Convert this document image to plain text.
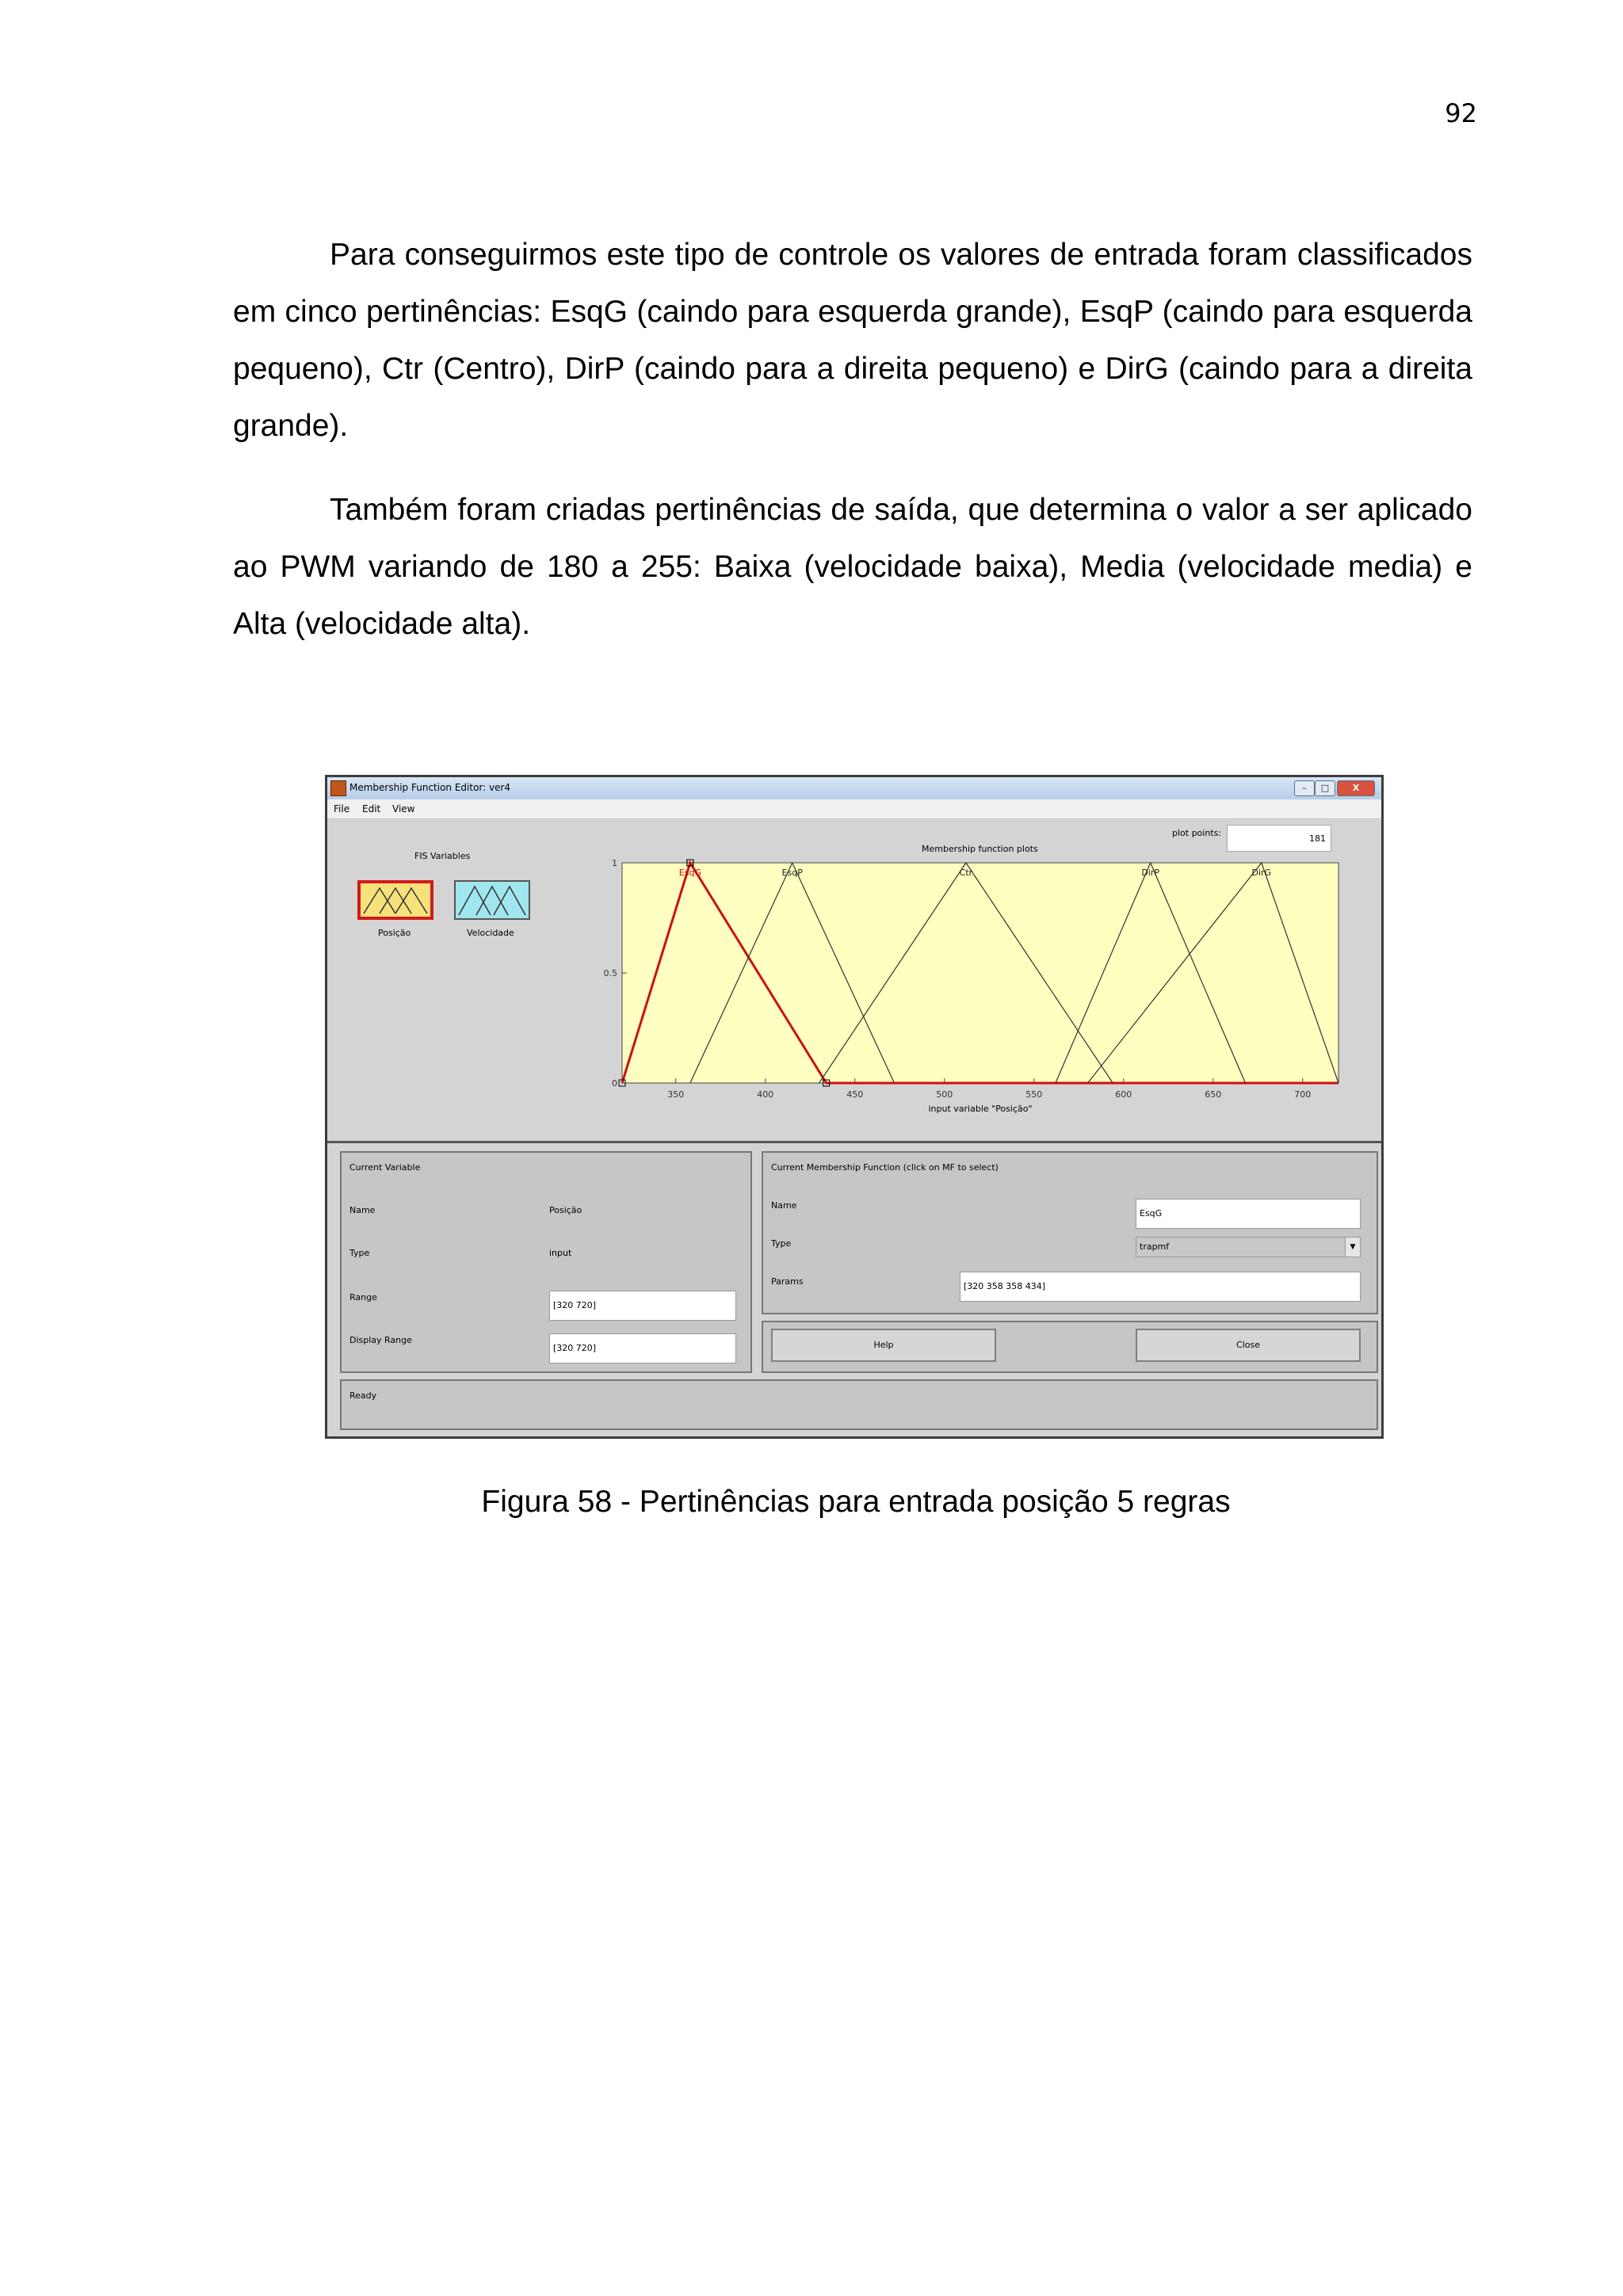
92

Para conseguirmos este tipo de controle os valores de entrada foram classificados em cinco pertinências: EsqG (caindo para esquerda grande), EsqP (caindo para esquerda pequeno), Ctr (Centro), DirP (caindo para a direita pequeno) e DirG (caindo para a direita grande).

Também foram criadas pertinências de saída, que determina o valor a ser aplicado ao PWM variando de 180 a 255: Baixa (velocidade baixa), Media (velocidade media) e Alta (velocidade alta).

Membership Function Editor: ver4	–	□	X
File Edit View
FIS Variables
Posição	Velocidade
Membership function plots
plot points:
181
350	400	450	500	550	600	650	700
0
0.5
1
input variable "Posição"
EsqG	EsqP	Ctr	DirP	DirG
Current Variable
Name	Posição
Type	input
Range
[320 720]
Display Range
[320 720]
Current Membership Function (click on MF to select)
Name
EsqG
Type	trapmf	▼
Params	[320 358 358 434]
Help	Close
Ready
Figura 58 - Pertinências para entrada posição 5 regras
